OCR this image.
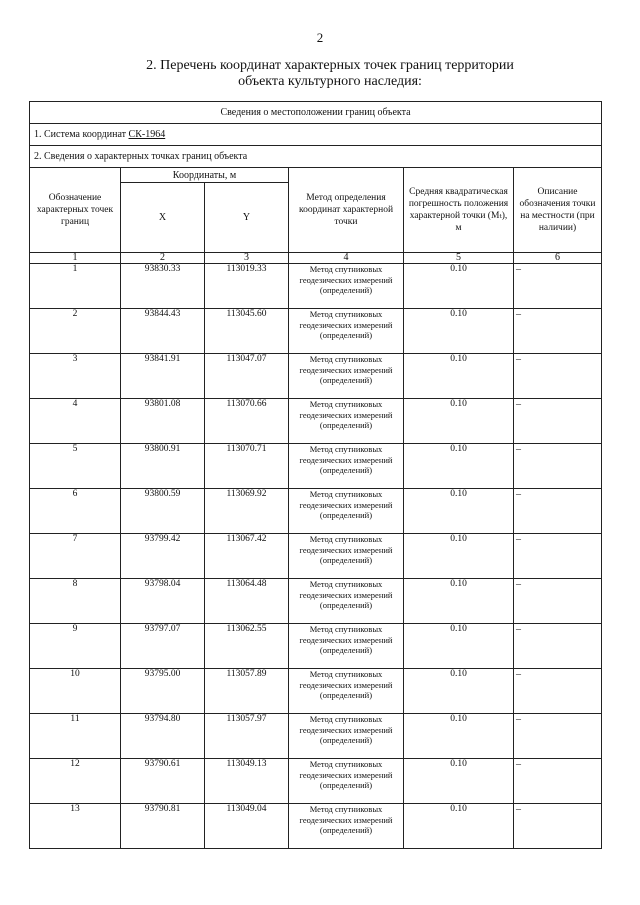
2
2. Перечень координат характерных точек границ территории
объекта культурного наследия:
Сведения о местоположении границ объекта					
1. Система координат СК-1964					
2. Сведения о характерных точках границ объекта					
Обозначение характерных точек границ	Координаты, м		Метод определения координат характерной точки	Средняя квадратическая погрешность положения характерной точки (Mₜ), м	Описание обозначения точки на местности (при наличии)
	X	Y			
1	2	3	4	5	6
1	93830.33	113019.33	Метод спутниковых геодезических измерений (определений)	0.10	–
2	93844.43	113045.60	Метод спутниковых геодезических измерений (определений)	0.10	–
3	93841.91	113047.07	Метод спутниковых геодезических измерений (определений)	0.10	–
4	93801.08	113070.66	Метод спутниковых геодезических измерений (определений)	0.10	–
5	93800.91	113070.71	Метод спутниковых геодезических измерений (определений)	0.10	–
6	93800.59	113069.92	Метод спутниковых геодезических измерений (определений)	0.10	–
7	93799.42	113067.42	Метод спутниковых геодезических измерений (определений)	0.10	–
8	93798.04	113064.48	Метод спутниковых геодезических измерений (определений)	0.10	–
9	93797.07	113062.55	Метод спутниковых геодезических измерений (определений)	0.10	–
10	93795.00	113057.89	Метод спутниковых геодезических измерений (определений)	0.10	–
11	93794.80	113057.97	Метод спутниковых геодезических измерений (определений)	0.10	–
12	93790.61	113049.13	Метод спутниковых геодезических измерений (определений)	0.10	–
13	93790.81	113049.04	Метод спутниковых геодезических измерений (определений)	0.10	–
